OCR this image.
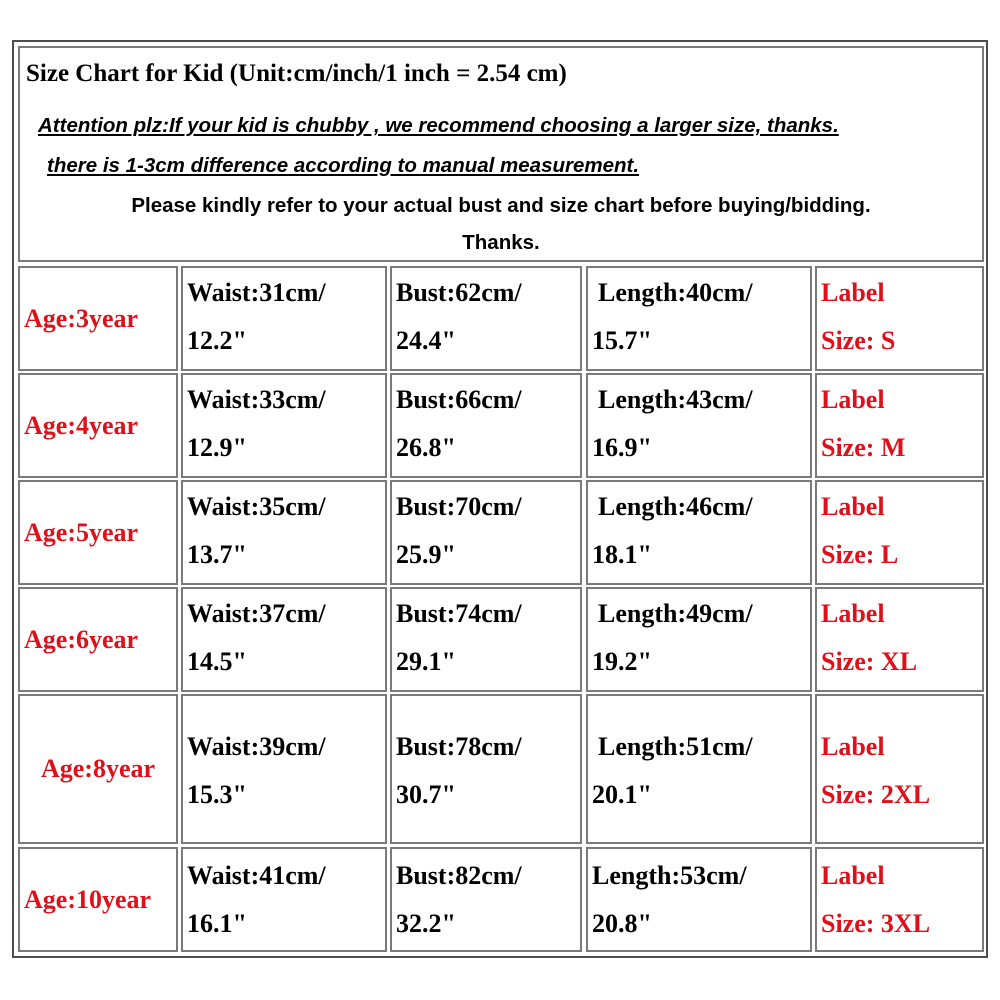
Size Chart for Kid (Unit:cm/inch/1 inch = 2.54 cm)
Attention plz:If your kid is chubby , we recommend choosing a larger size, thanks.
there is 1-3cm difference according to manual measurement.
Please kindly refer to your actual bust and size chart before buying/bidding.
Thanks.
Age:3year
Waist:31cm/
12.2"
Bust:62cm/
24.4"
Length:40cm/
15.7"
Label
Size: S
Age:4year
Waist:33cm/
12.9"
Bust:66cm/
26.8"
Length:43cm/
16.9"
Label
Size: M
Age:5year
Waist:35cm/
13.7"
Bust:70cm/
25.9"
Length:46cm/
18.1"
Label
Size: L
Age:6year
Waist:37cm/
14.5"
Bust:74cm/
29.1"
Length:49cm/
19.2"
Label
Size: XL
Age:8year
Waist:39cm/
15.3"
Bust:78cm/
30.7"
Length:51cm/
20.1"
Label
Size: 2XL
Age:10year
Waist:41cm/
16.1"
Bust:82cm/
32.2"
Length:53cm/
20.8"
Label
Size: 3XL
